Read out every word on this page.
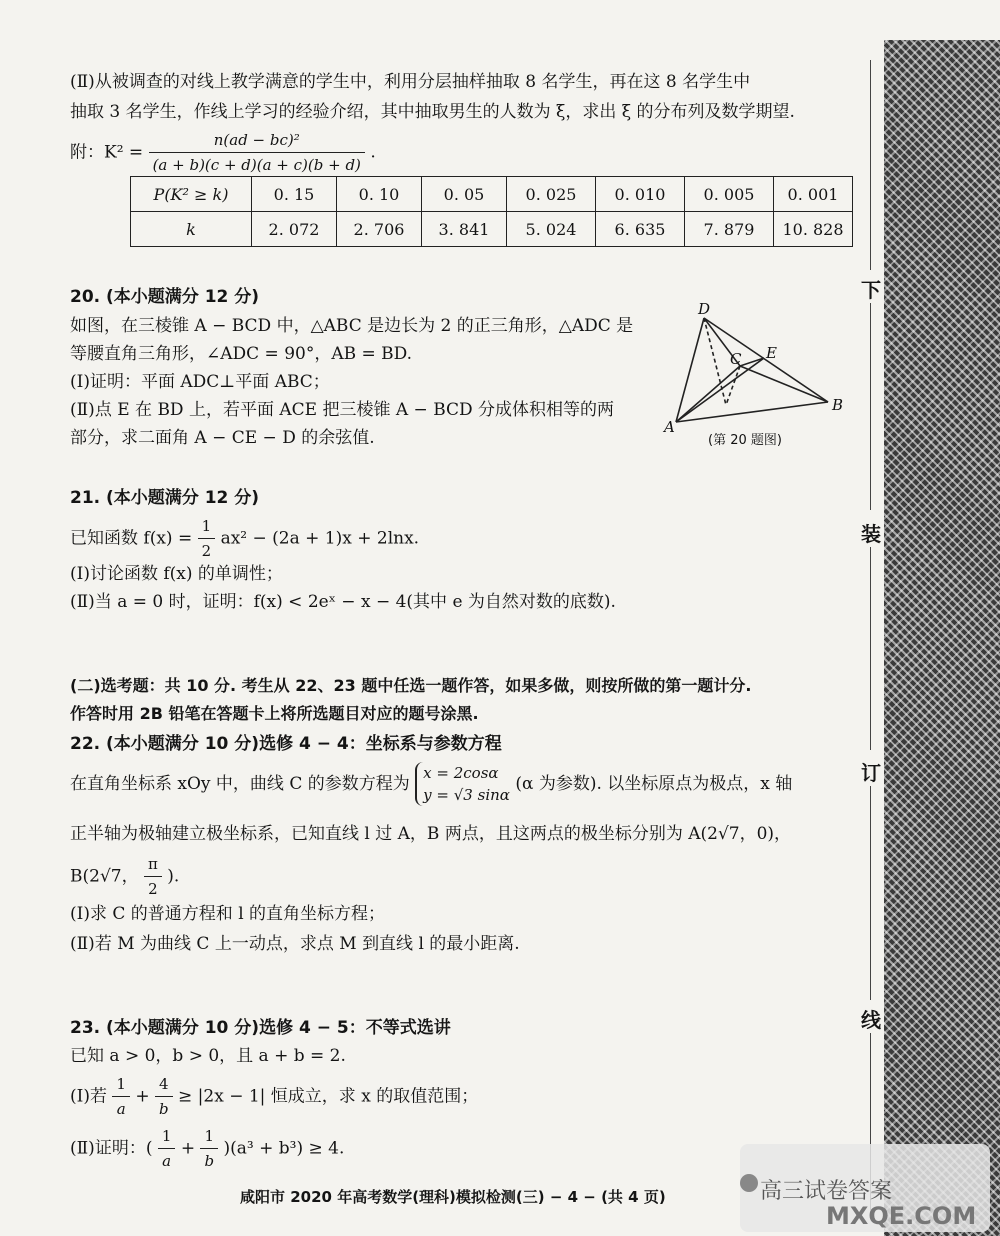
下
装
订
线
(Ⅱ)从被调查的对线上教学满意的学生中，利用分层抽样抽取 8 名学生，再在这 8 名学生中
抽取 3 名学生，作线上学习的经验介绍，其中抽取男生的人数为 ξ，求出 ξ 的分布列及数学期望.
附：$K^2 = \frac{\text{n(ad − bc)²}}{(a + b)(c + d)(a + c)(b + d)}$ .
P(K² ≥ k)	0. 15	0. 10	0. 05	0. 025	0. 010	0. 005	0. 001
k	2. 072	2. 706	3. 841	5. 024	6. 635	7. 879	10. 828
20. (本小题满分 12 分)
如图，在三棱锥 A − BCD 中，△ABC 是边长为 2 的正三角形，△ADC 是
等腰直角三角形，∠ADC = 90°，AB = BD.
(Ⅰ)证明：平面 ADC⊥平面 ABC；
(Ⅱ)点 E 在 BD 上，若平面 ACE 把三棱锥 A − BCD 分成体积相等的两
部分，求二面角 A − CE − D 的余弦值.
D
C E
B
A
(第 20 题图)
21. (本小题满分 12 分)
已知函数 $f(x) = \frac{1}{2} ax^2 - (2a + 1)x + 2\ln x$.
(Ⅰ)讨论函数 f(x) 的单调性；
(Ⅱ)当 a = 0 时，证明：f(x) < 2eˣ − x − 4(其中 e 为自然对数的底数).
(二)选考题：共 10 分. 考生从 22、23 题中任选一题作答，如果多做，则按所做的第一题计分.
作答时用 2B 铅笔在答题卡上将所选题目对应的题号涂黑.
22. (本小题满分 10 分)选修 4 − 4：坐标系与参数方程
在直角坐标系 xOy 中，曲线 C 的参数方程为
x = 2cosα
y = √3 sinα
(α 为参数). 以坐标原点为极点，x 轴
正半轴为极轴建立极坐标系，已知直线 l 过 A，B 两点，且这两点的极坐标分别为 A(2√7，0)，
B(2√7， $\frac{\pi}{2}$ ).
(Ⅰ)求 C 的普通方程和 l 的直角坐标方程；
(Ⅱ)若 M 为曲线 C 上一动点，求点 M 到直线 l 的最小距离.
23. (本小题满分 10 分)选修 4 − 5：不等式选讲
已知 a > 0，b > 0，且 a + b = 2.
(Ⅰ)若 $\frac{1}{a} + \frac{4}{b} \ge |2x - 1|$ 恒成立，求 x 的取值范围；
(Ⅱ)证明：( $\frac{1}{a} + \frac{1}{b} )(a^3 + b^3) \ge 4$.
咸阳市 2020 年高考数学(理科)模拟检测(三) − 4 − (共 4 页)	高三试卷答案
MXQE.COM
